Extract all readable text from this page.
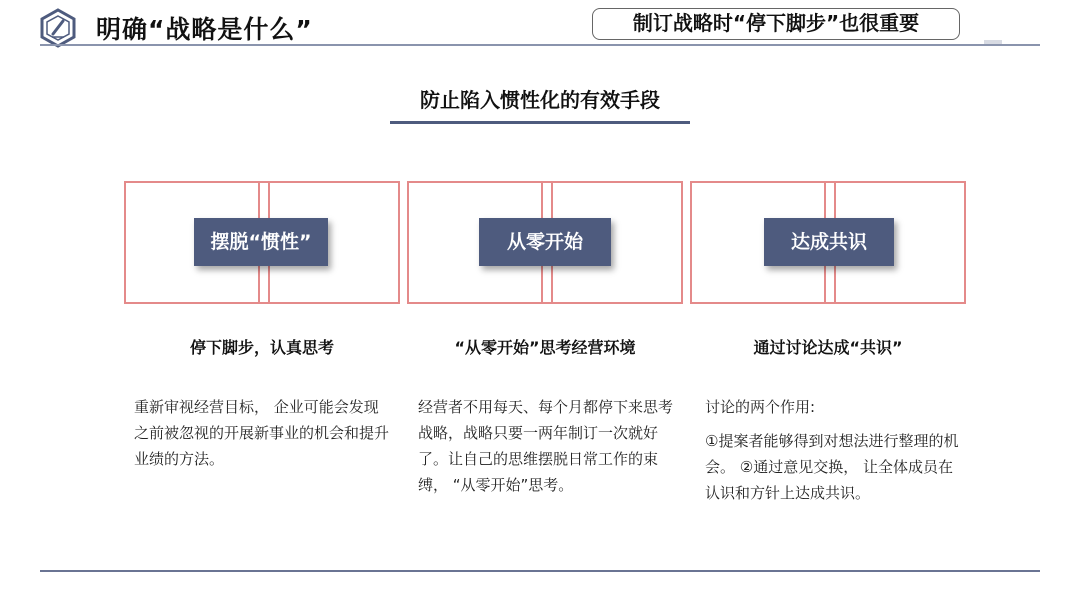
明确“战略是什么”	制订战略时“停下脚步”也很重要
防止陷入惯性化的有效手段
摆脱“惯性”	从零开始	达成共识
停下脚步，认真思考	“从零开始”思考经营环境	通过讨论达成“共识”
重新审视经营目标， 企业可能会发现之前被忽视的开展新事业的机会和提升业绩的方法。
经营者不用每天、每个月都停下来思考战略，战略只要一两年制订一次就好了。让自己的思维摆脱日常工作的束缚， “从零开始”思考。
讨论的两个作用:
①提案者能够得到对想法进行整理的机会。 ②通过意见交换， 让全体成员在认识和方针上达成共识。
